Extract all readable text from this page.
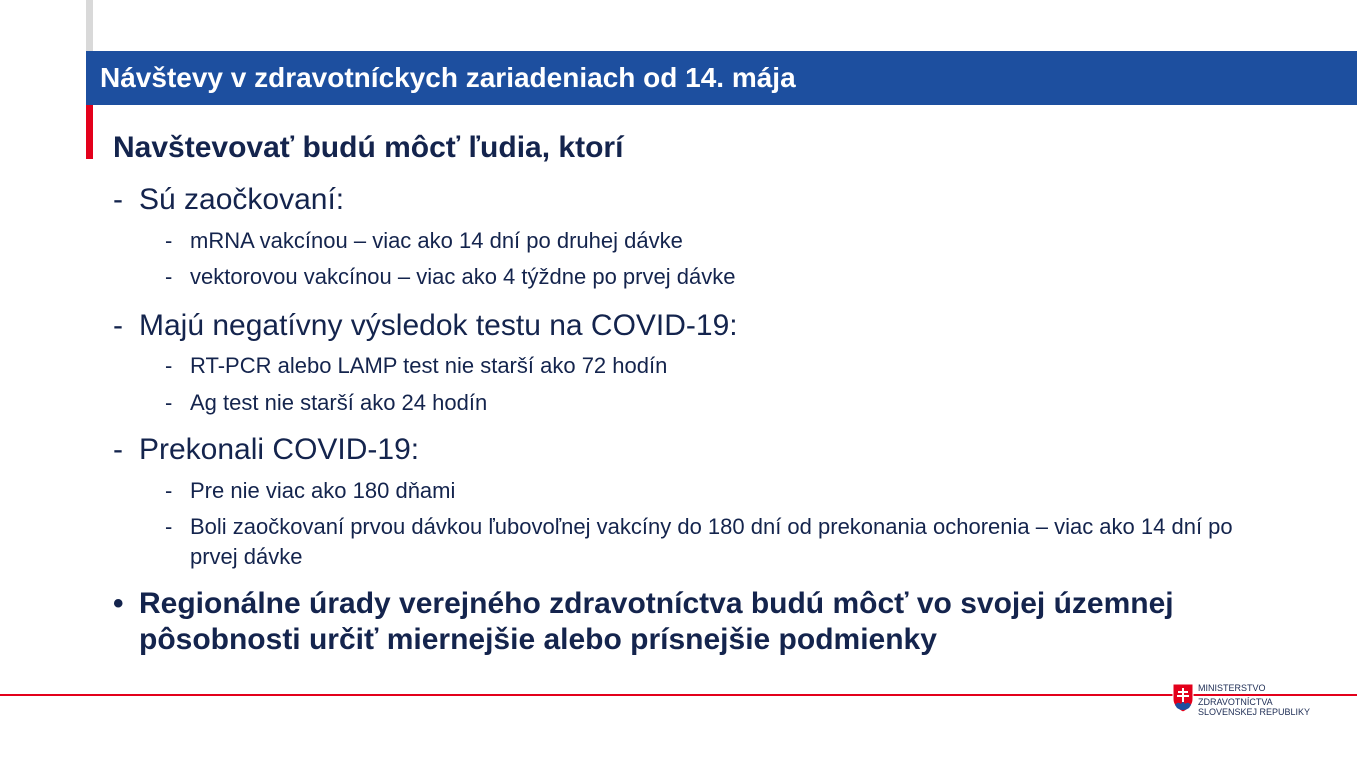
Návštevy v zdravotníckych zariadeniach od 14. mája
Navštevovať budú môcť ľudia, ktorí
- Sú zaočkovaní:
- mRNA vakcínou – viac ako 14 dní po druhej dávke
- vektorovou vakcínou – viac ako 4 týždne po prvej dávke
- Majú negatívny výsledok testu na COVID-19:
- RT-PCR alebo LAMP test nie starší ako 72 hodín
- Ag test nie starší ako 24 hodín
- Prekonali COVID-19:
- Pre nie viac ako 180 dňami
- Boli zaočkovaní prvou dávkou ľubovoľnej vakcíny do 180 dní od prekonania ochorenia – viac ako 14 dní po prvej dávke
• Regionálne úrady verejného zdravotníctva budú môcť vo svojej územnej pôsobnosti určiť miernejšie alebo prísnejšie podmienky
MINISTERSTVO
ZDRAVOTNÍCTVA
SLOVENSKEJ REPUBLIKY
